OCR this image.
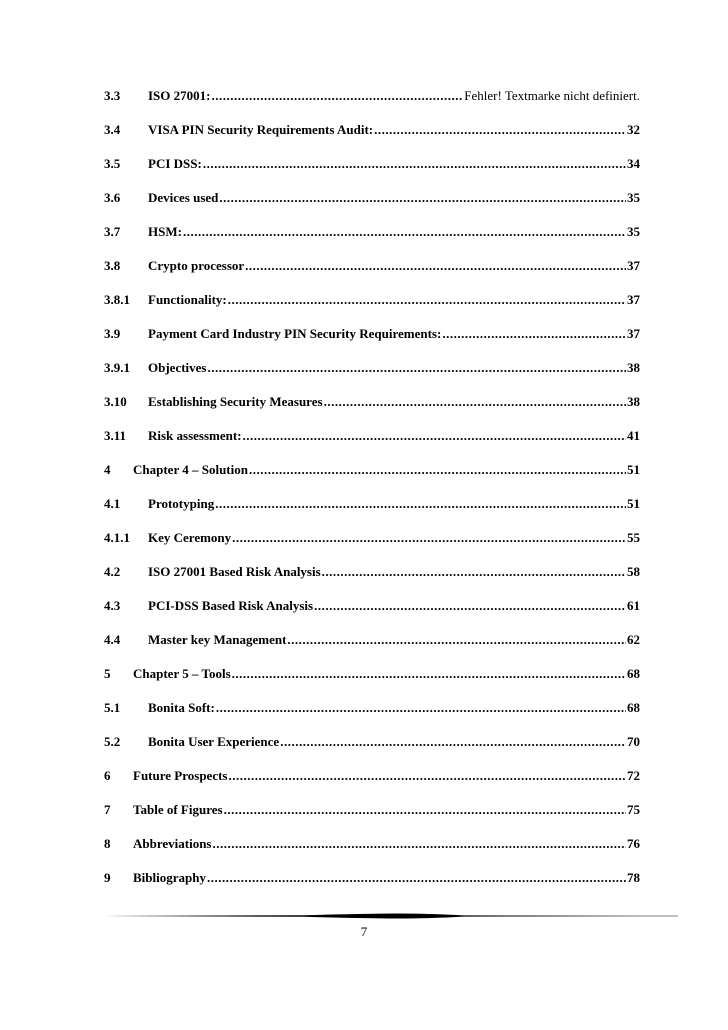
3.3	ISO 27001: .....	Fehler! Textmarke nicht definiert.
3.4	VISA PIN Security Requirements Audit: .....	32
3.5	PCI DSS: .....	34
3.6	Devices used .....	35
3.7	HSM: .....	35
3.8	Crypto processor .....	37
3.8.1	Functionality: .....	37
3.9	Payment Card Industry PIN Security Requirements: .....	37
3.9.1	Objectives .....	38
3.10	Establishing Security Measures .....	38
3.11	Risk assessment: .....	41
4	Chapter 4 – Solution .....	51
4.1	Prototyping .....	51
4.1.1	Key Ceremony .....	55
4.2	ISO 27001 Based Risk Analysis .....	58
4.3	PCI-DSS Based Risk Analysis .....	61
4.4	Master key Management .....	62
5	Chapter 5 – Tools .....	68
5.1	Bonita Soft: .....	68
5.2	Bonita User Experience .....	70
6	Future Prospects .....	72
7	Table of Figures .....	75
8	Abbreviations .....	76
9	Bibliography .....	78
7
